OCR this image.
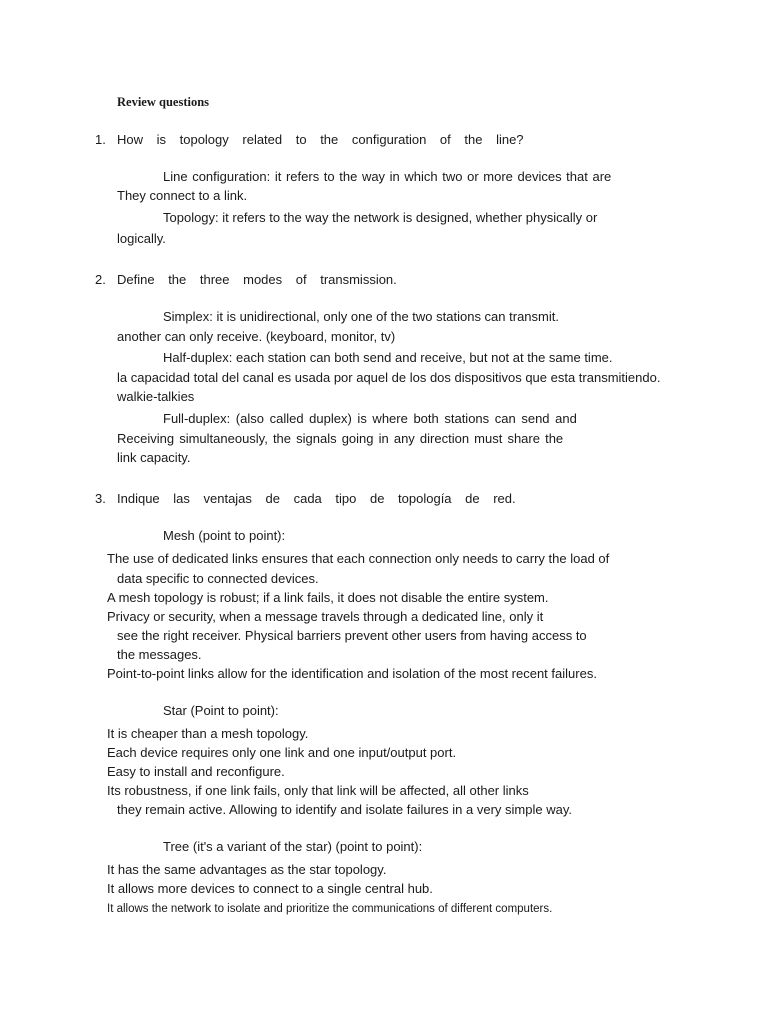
Review questions
1. How is topology related to the configuration of the line?
Line configuration: it refers to the way in which two or more devices that are
They connect to a link.
Topology: it refers to the way the network is designed, whether physically or
logically.
2. Define the three modes of transmission.
Simplex: it is unidirectional, only one of the two stations can transmit.
another can only receive. (keyboard, monitor, tv)
Half-duplex: each station can both send and receive, but not at the same time.
la capacidad total del canal es usada por aquel de los dos dispositivos que esta transmitiendo.
walkie-talkies
Full-duplex: (also called duplex) is where both stations can send and
Receiving simultaneously, the signals going in any direction must share the
link capacity.
3. Indique las ventajas de cada tipo de topología de red.
Mesh (point to point):
The use of dedicated links ensures that each connection only needs to carry the load of
data specific to connected devices.
A mesh topology is robust; if a link fails, it does not disable the entire system.
Privacy or security, when a message travels through a dedicated line, only it
see the right receiver. Physical barriers prevent other users from having access to
the messages.
Point-to-point links allow for the identification and isolation of the most recent failures.
Star (Point to point):
It is cheaper than a mesh topology.
Each device requires only one link and one input/output port.
Easy to install and reconfigure.
Its robustness, if one link fails, only that link will be affected, all other links
they remain active. Allowing to identify and isolate failures in a very simple way.
Tree (it's a variant of the star) (point to point):
It has the same advantages as the star topology.
It allows more devices to connect to a single central hub.
It allows the network to isolate and prioritize the communications of different computers.
